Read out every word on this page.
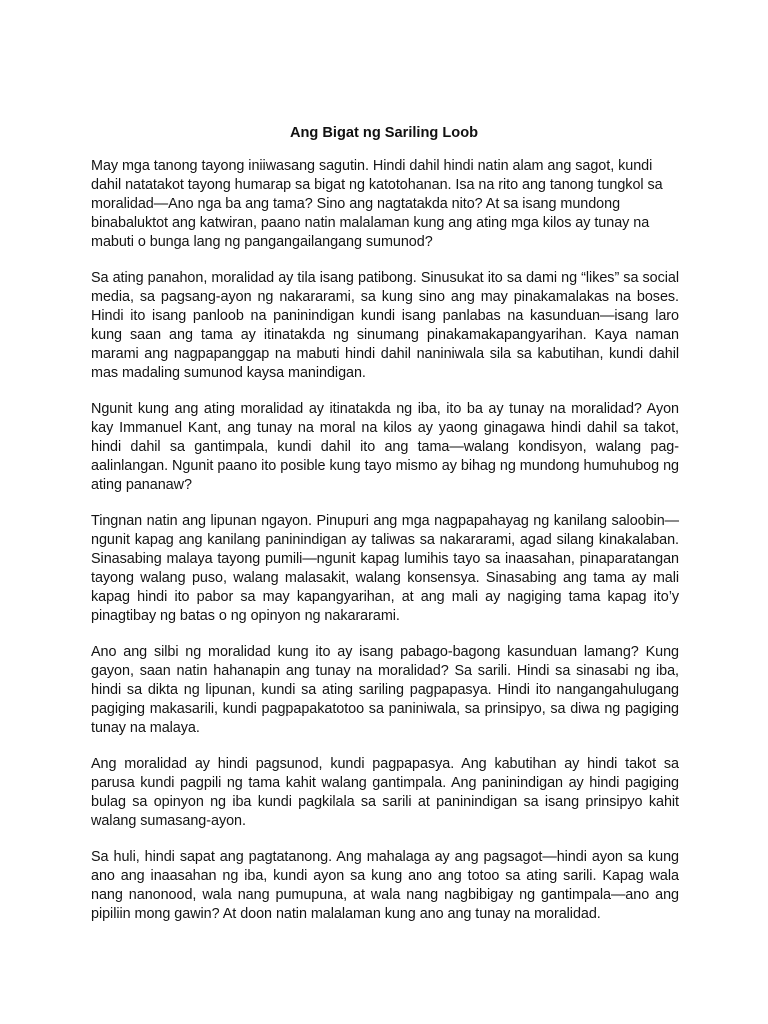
Ang Bigat ng Sariling Loob

May mga tanong tayong iniiwasang sagutin. Hindi dahil hindi natin alam ang sagot, kundi dahil natatakot tayong humarap sa bigat ng katotohanan. Isa na rito ang tanong tungkol sa moralidad—Ano nga ba ang tama? Sino ang nagtatakda nito? At sa isang mundong binabaluktot ang katwiran, paano natin malalaman kung ang ating mga kilos ay tunay na mabuti o bunga lang ng pangangailangang sumunod?

Sa ating panahon, moralidad ay tila isang patibong. Sinusukat ito sa dami ng “likes” sa social media, sa pagsang-ayon ng nakararami, sa kung sino ang may pinakamalakas na boses. Hindi ito isang panloob na paninindigan kundi isang panlabas na kasunduan—isang laro kung saan ang tama ay itinatakda ng sinumang pinakamakapangyarihan. Kaya naman marami ang nagpapanggap na mabuti hindi dahil naniniwala sila sa kabutihan, kundi dahil mas madaling sumunod kaysa manindigan.

Ngunit kung ang ating moralidad ay itinatakda ng iba, ito ba ay tunay na moralidad? Ayon kay Immanuel Kant, ang tunay na moral na kilos ay yaong ginagawa hindi dahil sa takot, hindi dahil sa gantimpala, kundi dahil ito ang tama—walang kondisyon, walang pag-aalinlangan. Ngunit paano ito posible kung tayo mismo ay bihag ng mundong humuhubog ng ating pananaw?

Tingnan natin ang lipunan ngayon. Pinupuri ang mga nagpapahayag ng kanilang saloobin—ngunit kapag ang kanilang paninindigan ay taliwas sa nakararami, agad silang kinakalaban. Sinasabing malaya tayong pumili—ngunit kapag lumihis tayo sa inaasahan, pinaparatangan tayong walang puso, walang malasakit, walang konsensya. Sinasabing ang tama ay mali kapag hindi ito pabor sa may kapangyarihan, at ang mali ay nagiging tama kapag ito’y pinagtibay ng batas o ng opinyon ng nakararami.

Ano ang silbi ng moralidad kung ito ay isang pabago-bagong kasunduan lamang? Kung gayon, saan natin hahanapin ang tunay na moralidad? Sa sarili. Hindi sa sinasabi ng iba, hindi sa dikta ng lipunan, kundi sa ating sariling pagpapasya. Hindi ito nangangahulugang pagiging makasarili, kundi pagpapakatotoo sa paniniwala, sa prinsipyo, sa diwa ng pagiging tunay na malaya.

Ang moralidad ay hindi pagsunod, kundi pagpapasya. Ang kabutihan ay hindi takot sa parusa kundi pagpili ng tama kahit walang gantimpala. Ang paninindigan ay hindi pagiging bulag sa opinyon ng iba kundi pagkilala sa sarili at paninindigan sa isang prinsipyo kahit walang sumasang-ayon.

Sa huli, hindi sapat ang pagtatanong. Ang mahalaga ay ang pagsagot—hindi ayon sa kung ano ang inaasahan ng iba, kundi ayon sa kung ano ang totoo sa ating sarili. Kapag wala nang nanonood, wala nang pumupuna, at wala nang nagbibigay ng gantimpala—ano ang pipiliin mong gawin? At doon natin malalaman kung ano ang tunay na moralidad.
